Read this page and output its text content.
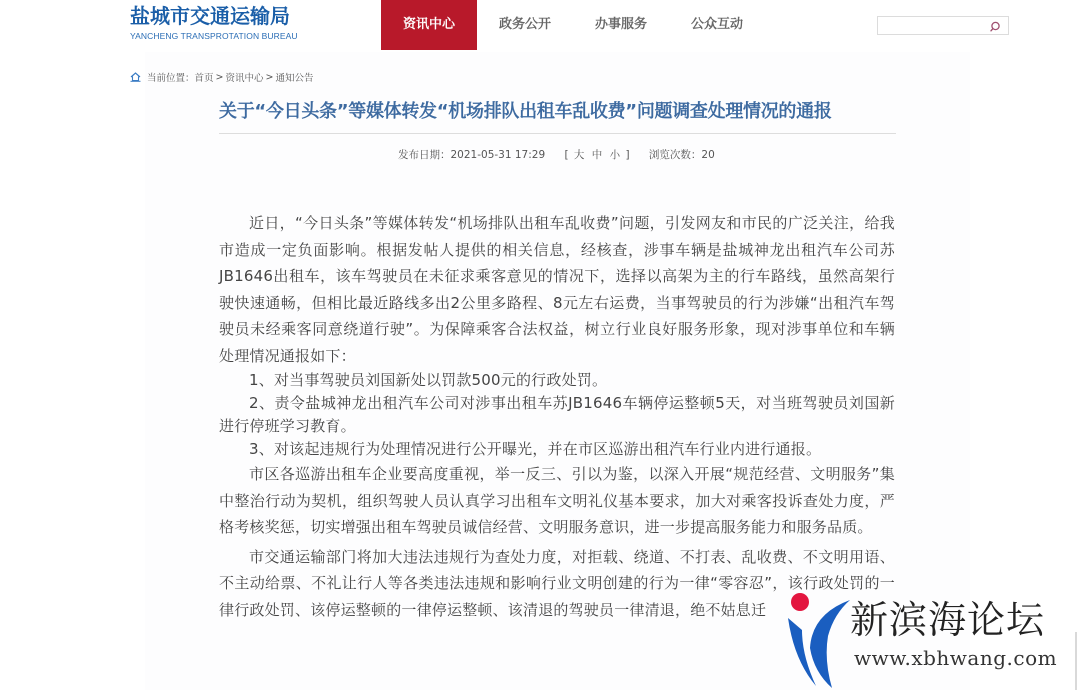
盐城市交通运输局
YANCHENG TRANSPROTATION BUREAU
资讯中心	政务公开	办事服务	公众互动
当前位置： 首页 > 资讯中心 > 通知公告
关于“今日头条”等媒体转发“机场排队出租车乱收费”问题调查处理情况的通报
发布日期：2021-05-31 17:29 [ 大 中 小 ] 浏览次数：20

近日，“今日头条”等媒体转发“机场排队出租车乱收费”问题，引发网友和市民的广泛关注，给我市造成一定负面影响。根据发帖人提供的相关信息，经核查，涉事车辆是盐城神龙出租汽车公司苏JB1646出租车，该车驾驶员在未征求乘客意见的情况下，选择以高架为主的行车路线，虽然高架行驶快速通畅，但相比最近路线多出2公里多路程、8元左右运费，当事驾驶员的行为涉嫌“出租汽车驾驶员未经乘客同意绕道行驶”。为保障乘客合法权益，树立行业良好服务形象，现对涉事单位和车辆处理情况通报如下：

1、对当事驾驶员刘国新处以罚款500元的行政处罚。

2、责令盐城神龙出租汽车公司对涉事出租车苏JB1646车辆停运整顿5天，对当班驾驶员刘国新进行停班学习教育。

3、对该起违规行为处理情况进行公开曝光，并在市区巡游出租汽车行业内进行通报。

市区各巡游出租车企业要高度重视，举一反三、引以为鉴，以深入开展“规范经营、文明服务”集中整治行动为契机，组织驾驶人员认真学习出租车文明礼仪基本要求，加大对乘客投诉查处力度，严格考核奖惩，切实增强出租车驾驶员诚信经营、文明服务意识，进一步提高服务能力和服务品质。

市交通运输部门将加大违法违规行为查处力度，对拒载、绕道、不打表、乱收费、不文明用语、不主动给票、不礼让行人等各类违法违规和影响行业文明创建的行为一律“零容忍”，该行政处罚的一律行政处罚、该停运整顿的一律停运整顿、该清退的驾驶员一律清退，绝不姑息迁	新滨海论坛
www.xbhwang.com
